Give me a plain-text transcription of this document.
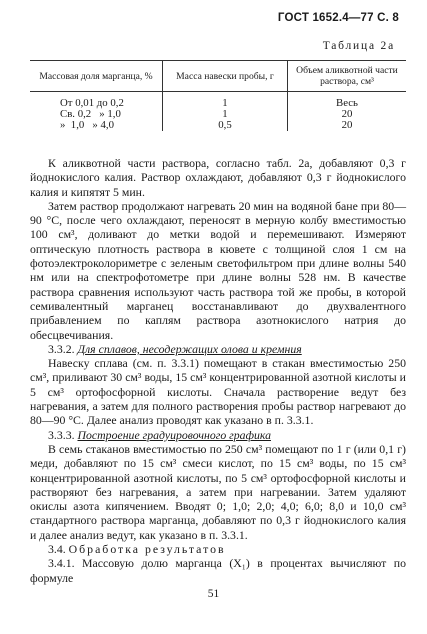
ГОСТ 1652.4—77 С. 8
Таблица 2а
Массовая доля марганца, %	Масса навески пробы, г	Объем аликвотной части раствора, см³
От 0,01 до 0,2	1	Весь
Св. 0,2   » 1,0	1	20
»  1,0   » 4,0	0,5	20

К аликвотной части раствора, согласно табл. 2а, добавляют 0,3 г йоднокислого калия. Раствор охлаждают, добавляют 0,3 г йоднокислого калия и кипятят 5 мин.

Затем раствор продолжают нагревать 20 мин на водяной бане при 80—90 °С, после чего охлаждают, переносят в мерную колбу вместимостью 100 см³, доливают до метки водой и перемешивают. Измеряют оптическую плотность раствора в кювете с толщиной слоя 1 см на фотоэлектроколориметре с зеленым светофильтром при длине волны 540 нм или на спектрофотометре при длине волны 528 нм. В качестве раствора сравнения используют часть раствора той же пробы, в которой семивалентный марганец восстанавливают до двухвалентного прибавлением по каплям раствора азотнокислого натрия до обесцвечивания.

3.3.2. Для сплавов, несодержащих олова и кремния

Навеску сплава (см. п. 3.3.1) помещают в стакан вместимостью 250 см³, приливают 30 см³ воды, 15 см³ концентрированной азотной кислоты и 5 см³ ортофосфорной кислоты. Сначала растворение ведут без нагревания, а затем для полного растворения пробы раствор нагревают до 80—90 °С. Далее анализ проводят как указано в п. 3.3.1.

3.3.3. Построение градуировочного графика

В семь стаканов вместимостью по 250 см³ помещают по 1 г (или 0,1 г) меди, добавляют по 15 см³ смеси кислот, по 15 см³ воды, по 15 см³ концентрированной азотной кислоты, по 5 см³ ортофосфорной кислоты и растворяют без нагревания, а затем при нагревании. Затем удаляют окислы азота кипячением. Вводят 0; 1,0; 2,0; 4,0; 6,0; 8,0 и 10,0 см³ стандартного раствора марганца, добавляют по 0,3 г йоднокислого калия и далее анализ ведут, как указано в п. 3.3.1.

3.4. Обработка результатов

3.4.1. Массовую долю марганца (X₁) в процентах вычисляют по формуле

51
